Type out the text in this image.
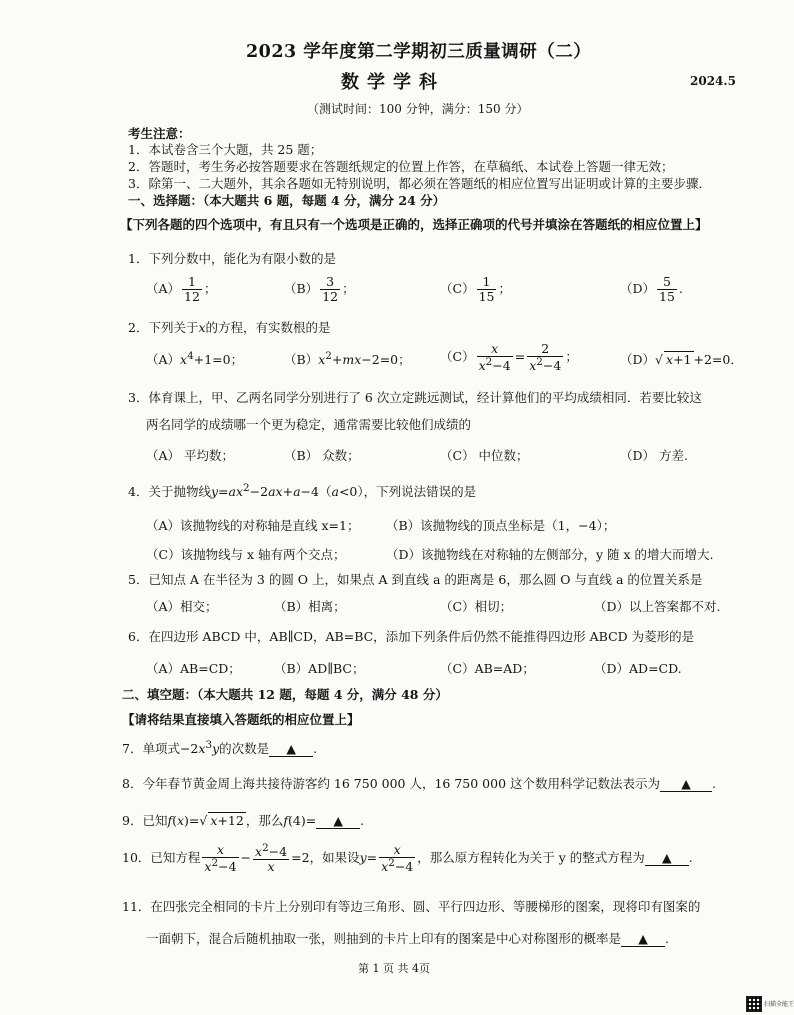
2023 学年度第二学期初三质量调研（二）
数学学科	2024.5
（测试时间：100 分钟，满分：150 分）
考生注意：
1．本试卷含三个大题，共 25 题；
2．答题时，考生务必按答题要求在答题纸规定的位置上作答，在草稿纸、本试卷上答题一律无效；
3．除第一、二大题外，其余各题如无特别说明，都必须在答题纸的相应位置写出证明或计算的主要步骤．
一、选择题：（本大题共 6 题，每题 4 分，满分 24 分）
【下列各题的四个选项中，有且只有一个选项是正确的，选择正确项的代号并填涂在答题纸的相应位置上】
1．下列分数中，能化为有限小数的是
$(A) \frac{1}{12}$ ；	$(B) \frac{3}{12}$ ；	$(C) \frac{1}{15}$ ；	$(D) \frac{5}{15}$ .
2．下列关于x的方程，有实数根的是
$(A)x^4+1=0$；	$(B)x^2+mx-2=0$； $(C) \frac{x}{x^2-4} = \frac{2}{x^2-4}$ ；	（D）√ x+1 +2=0．
3．体育课上，甲、乙两名同学分别进行了 6 次立定跳远测试，经计算他们的平均成绩相同．若要比较这
两名同学的成绩哪一个更为稳定，通常需要比较他们成绩的
（A） 平均数；	（B） 众数；	（C） 中位数；	（D） 方差.
4．关于抛物线$y=ax^2-2ax+a-4(a<0)$，下列说法错误的是
（A）该抛物线的对称轴是直线 x=1； （B）该抛物线的顶点坐标是（1，−4）；
（C）该抛物线与 x 轴有两个交点；	（D）该抛物线在对称轴的左侧部分，y 随 x 的增大而增大.
5．已知点 A 在半径为 3 的圆 O 上，如果点 A 到直线 a 的距离是 6，那么圆 O 与直线 a 的位置关系是
（A）相交；	（B）相离；	（C）相切；	（D）以上答案都不对.
6．在四边形 ABCD 中，AB∥CD，AB=BC，添加下列条件后仍然不能推得四边形 ABCD 为菱形的是
（A）AB=CD；	（B）AD∥BC；	（C）AB=AD；	（D）AD=CD.
二、填空题：（本大题共 12 题，每题 4 分，满分 48 分）
【请将结果直接填入答题纸的相应位置上】
7．单项式$-2x^3y$的次数是 ▲ .
8．今年春节黄金周上海共接待游客约 16 750 000 人，16 750 000 这个数用科学记数法表示为 ▲ .
9．已知f(x)=√ x+12 ，那么f(4)= ▲ .
10．已知方程 $\frac{x}{x^2-4} - \frac{x^2-4}{x} =2$，如果设$y= \frac{x}{x^2-4}$ ，那么原方程转化为关于 y 的整式方程为 ▲ .
11．在四张完全相同的卡片上分别印有等边三角形、圆、平行四边形、等腰梯形的图案，现将印有图案的
一面朝下，混合后随机抽取一张，则抽到的卡片上印有的图案是中心对称图形的概率是 ▲ .
第 1 页 共 4页
扫描全能王
